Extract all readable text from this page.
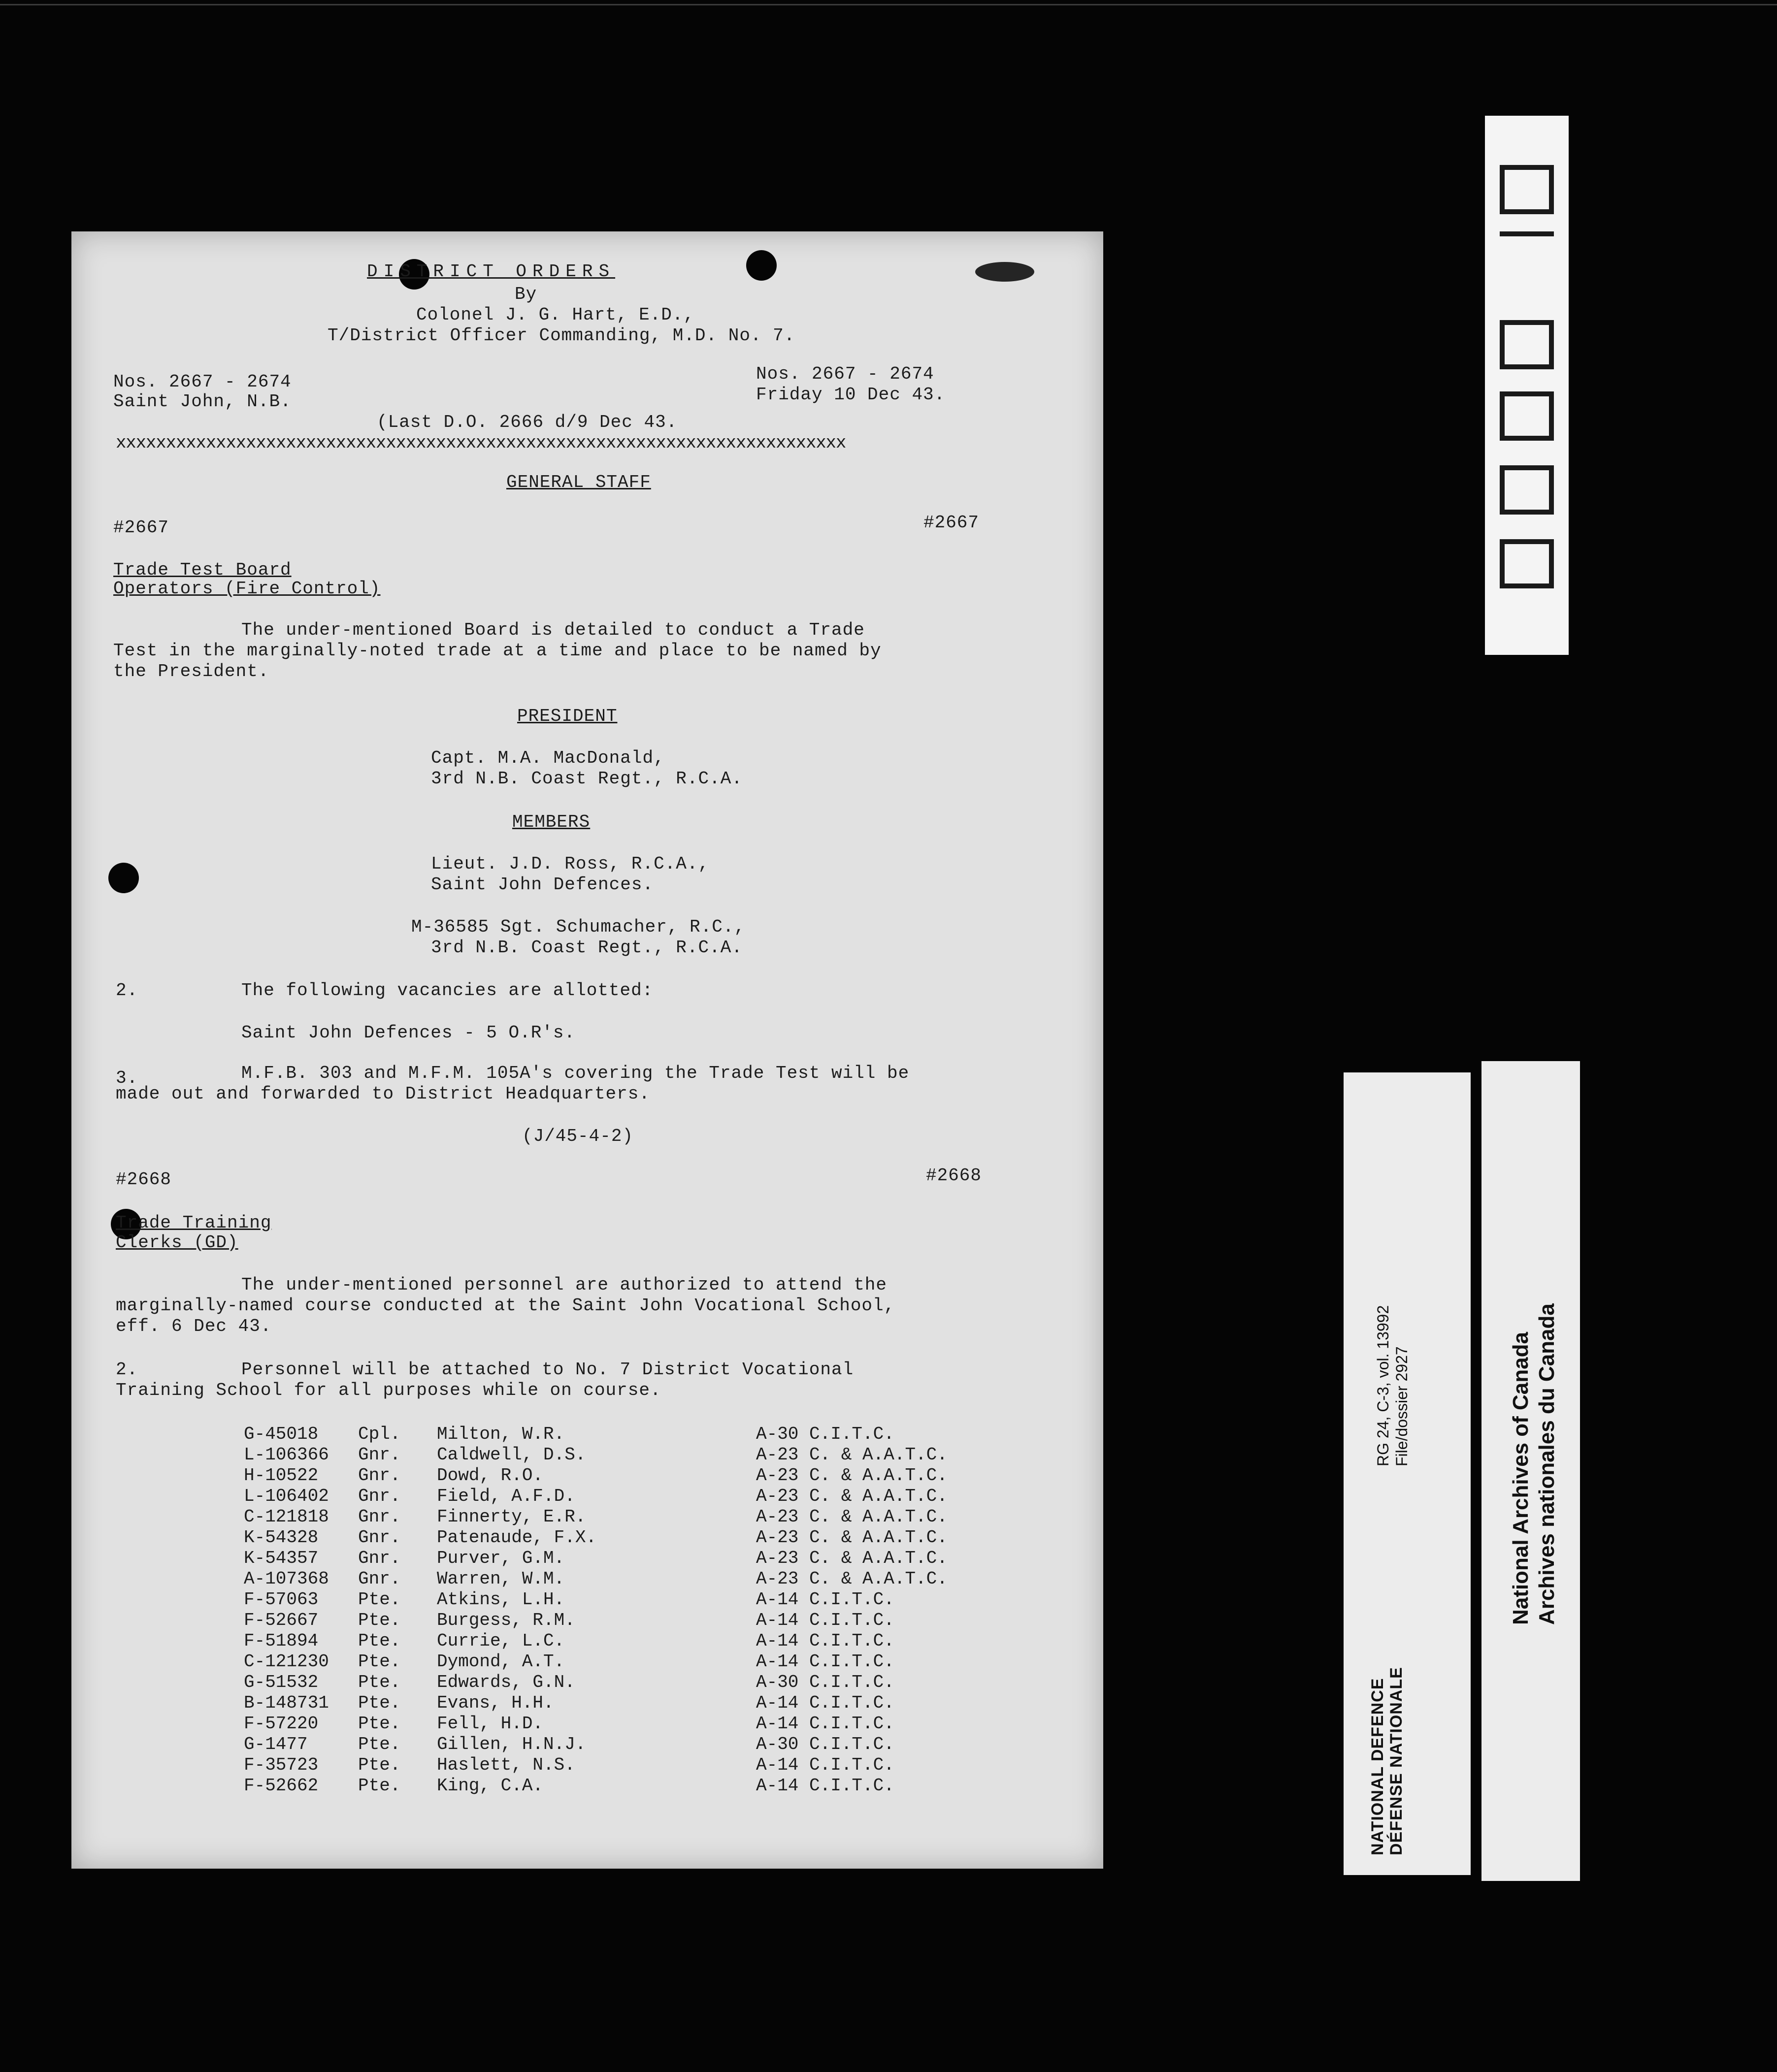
DISTRICT ORDERS
By
Colonel J. G. Hart, E.D.,
T/District Officer Commanding, M.D. No. 7.
Nos. 2667 - 2674	Nos. 2667 - 2674
Saint John, N.B.	Friday 10 Dec 43.
(Last D.O. 2666 d/9 Dec 43.
xxxxxxxxxxxxxxxxxxxxxxxxxxxxxxxxxxxxxxxxxxxxxxxxxxxxxxxxxxxxxxxxxxxxxxxxx
GENERAL STAFF
#2667	#2667
Trade Test Board
Operators (Fire Control)
The under-mentioned Board is detailed to conduct a Trade
Test in the marginally-noted trade at a time and place to be named by
the President.
PRESIDENT
Capt. M.A. MacDonald,
3rd N.B. Coast Regt., R.C.A.
MEMBERS
Lieut. J.D. Ross, R.C.A.,
Saint John Defences.
M-36585 Sgt. Schumacher, R.C.,
3rd N.B. Coast Regt., R.C.A.
2.	The following vacancies are allotted:
Saint John Defences - 5 O.R's.
3.	M.F.B. 303 and M.F.M. 105A's covering the Trade Test will be
made out and forwarded to District Headquarters.
(J/45-4-2)
#2668	#2668
Trade Training
Clerks (GD)
The under-mentioned personnel are authorized to attend the
marginally-named course conducted at the Saint John Vocational School,
eff. 6 Dec 43.
2.	Personnel will be attached to No. 7 District Vocational
Training School for all purposes while on course.
G-45018 Cpl. Milton, W.R.	A-30 C.I.T.C.
L-106366 Gnr. Caldwell, D.S.	A-23 C. & A.A.T.C.
H-10522 Gnr. Dowd, R.O.	A-23 C. & A.A.T.C.
L-106402 Gnr. Field, A.F.D.	A-23 C. & A.A.T.C.
C-121818 Gnr. Finnerty, E.R.	A-23 C. & A.A.T.C.
K-54328 Gnr. Patenaude, F.X.	A-23 C. & A.A.T.C.
K-54357 Gnr. Purver, G.M.	A-23 C. & A.A.T.C.
A-107368 Gnr. Warren, W.M.	A-23 C. & A.A.T.C.
F-57063 Pte. Atkins, L.H.	A-14 C.I.T.C.
F-52667 Pte. Burgess, R.M.	A-14 C.I.T.C.
F-51894 Pte. Currie, L.C.	A-14 C.I.T.C.
C-121230 Pte. Dymond, A.T.	A-14 C.I.T.C.
G-51532 Pte. Edwards, G.N.	A-30 C.I.T.C.
B-148731 Pte. Evans, H.H.	A-14 C.I.T.C.
F-57220 Pte. Fell, H.D.	A-14 C.I.T.C.
G-1477	Pte. Gillen, H.N.J.	A-30 C.I.T.C.
F-35723 Pte. Haslett, N.S.	A-14 C.I.T.C.
F-52662 Pte. King, C.A.	A-14 C.I.T.C.
0000478
NATIONAL DEFENCE DÉFENSE NATIONALE
RG 24, C-3, vol. 13992 File/dossier 2927	National Archives of Canada Archives nationales du Canada
